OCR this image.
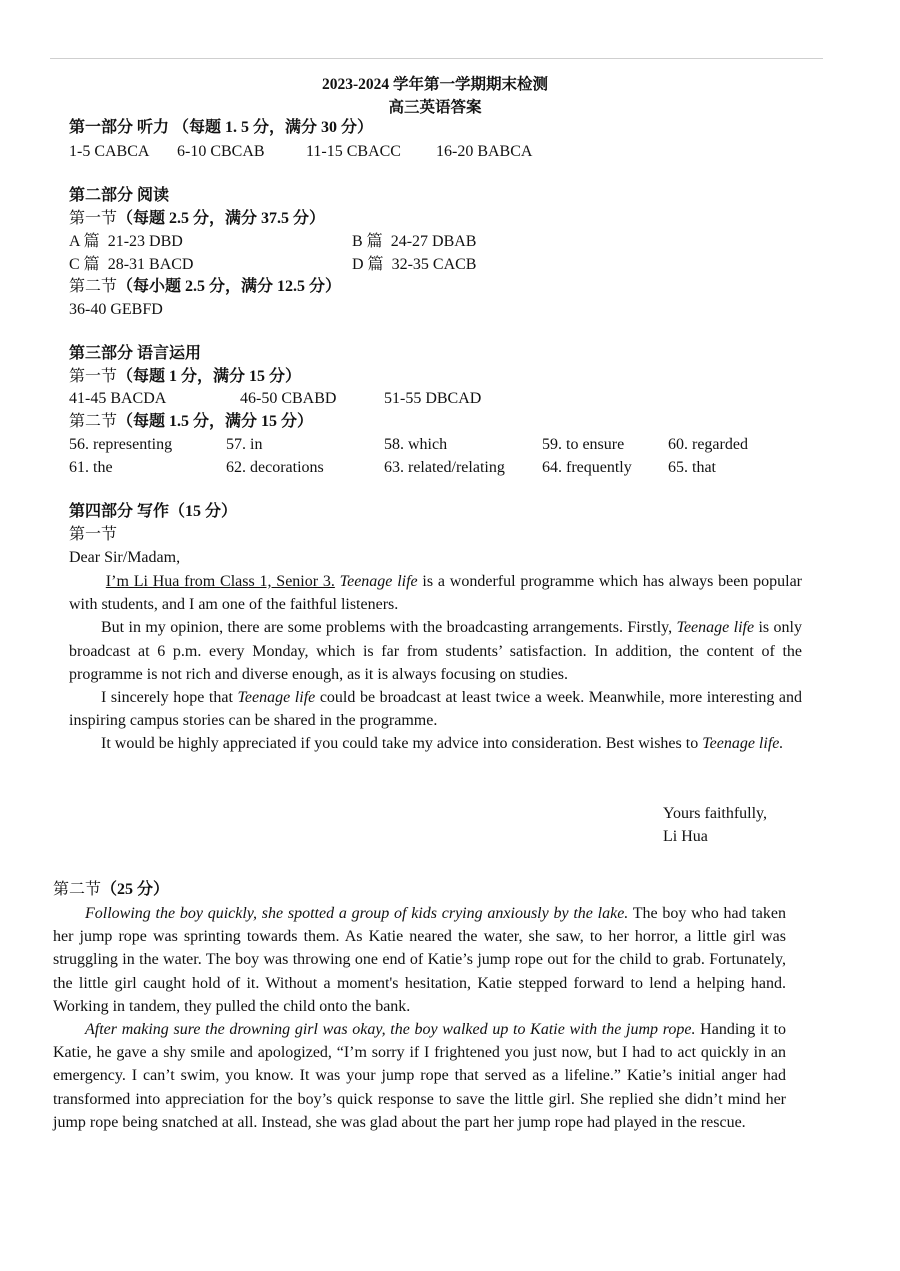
2023-2024 学年第一学期期末检测
高三英语答案
第一部分 听力 （每题 1. 5 分，满分 30 分）
1-5 CABCA 6-10 CBCAB	11-15 CBACC 16-20 BABCA
第二部分 阅读
第一节（每题 2.5 分，满分 37.5 分）
A 篇 21-23 DBD	B 篇 24-27 DBAB
C 篇 28-31 BACD	D 篇 32-35 CACB
第二节（每小题 2.5 分，满分 12.5 分）
36-40 GEBFD
第三部分 语言运用
第一节（每题 1 分，满分 15 分）
41-45 BACDA	46-50 CBABD	51-55 DBCAD
第二节（每题 1.5 分，满分 15 分）
56. representing	57. in	58. which	59. to ensure	60. regarded
61. the	62. decorations	63. related/relating 64. frequently 65. that
第四部分 写作（15 分）
第一节
Dear Sir/Madam,

I’m Li Hua from Class 1, Senior 3. Teenage life is a wonderful programme which has always been popular with students, and I am one of the faithful listeners.

But in my opinion, there are some problems with the broadcasting arrangements. Firstly, Teenage life is only broadcast at 6 p.m. every Monday, which is far from students’ satisfaction. In addition, the content of the programme is not rich and diverse enough, as it is always focusing on studies.

I sincerely hope that Teenage life could be broadcast at least twice a week. Meanwhile, more interesting and inspiring campus stories can be shared in the programme.

It would be highly appreciated if you could take my advice into consideration. Best wishes to Teenage life.

Yours faithfully,
Li Hua
第二节（25 分）

Following the boy quickly, she spotted a group of kids crying anxiously by the lake. The boy who had taken her jump rope was sprinting towards them. As Katie neared the water, she saw, to her horror, a little girl was struggling in the water. The boy was throwing one end of Katie’s jump rope out for the child to grab. Fortunately, the little girl caught hold of it. Without a moment's hesitation, Katie stepped forward to lend a helping hand. Working in tandem, they pulled the child onto the bank.

After making sure the drowning girl was okay, the boy walked up to Katie with the jump rope. Handing it to Katie, he gave a shy smile and apologized, “I’m sorry if I frightened you just now, but I had to act quickly in an emergency. I can’t swim, you know. It was your jump rope that served as a lifeline.” Katie’s initial anger had transformed into appreciation for the boy’s quick response to save the little girl. She replied she didn’t mind her jump rope being snatched at all. Instead, she was glad about the part her jump rope had played in the rescue.
